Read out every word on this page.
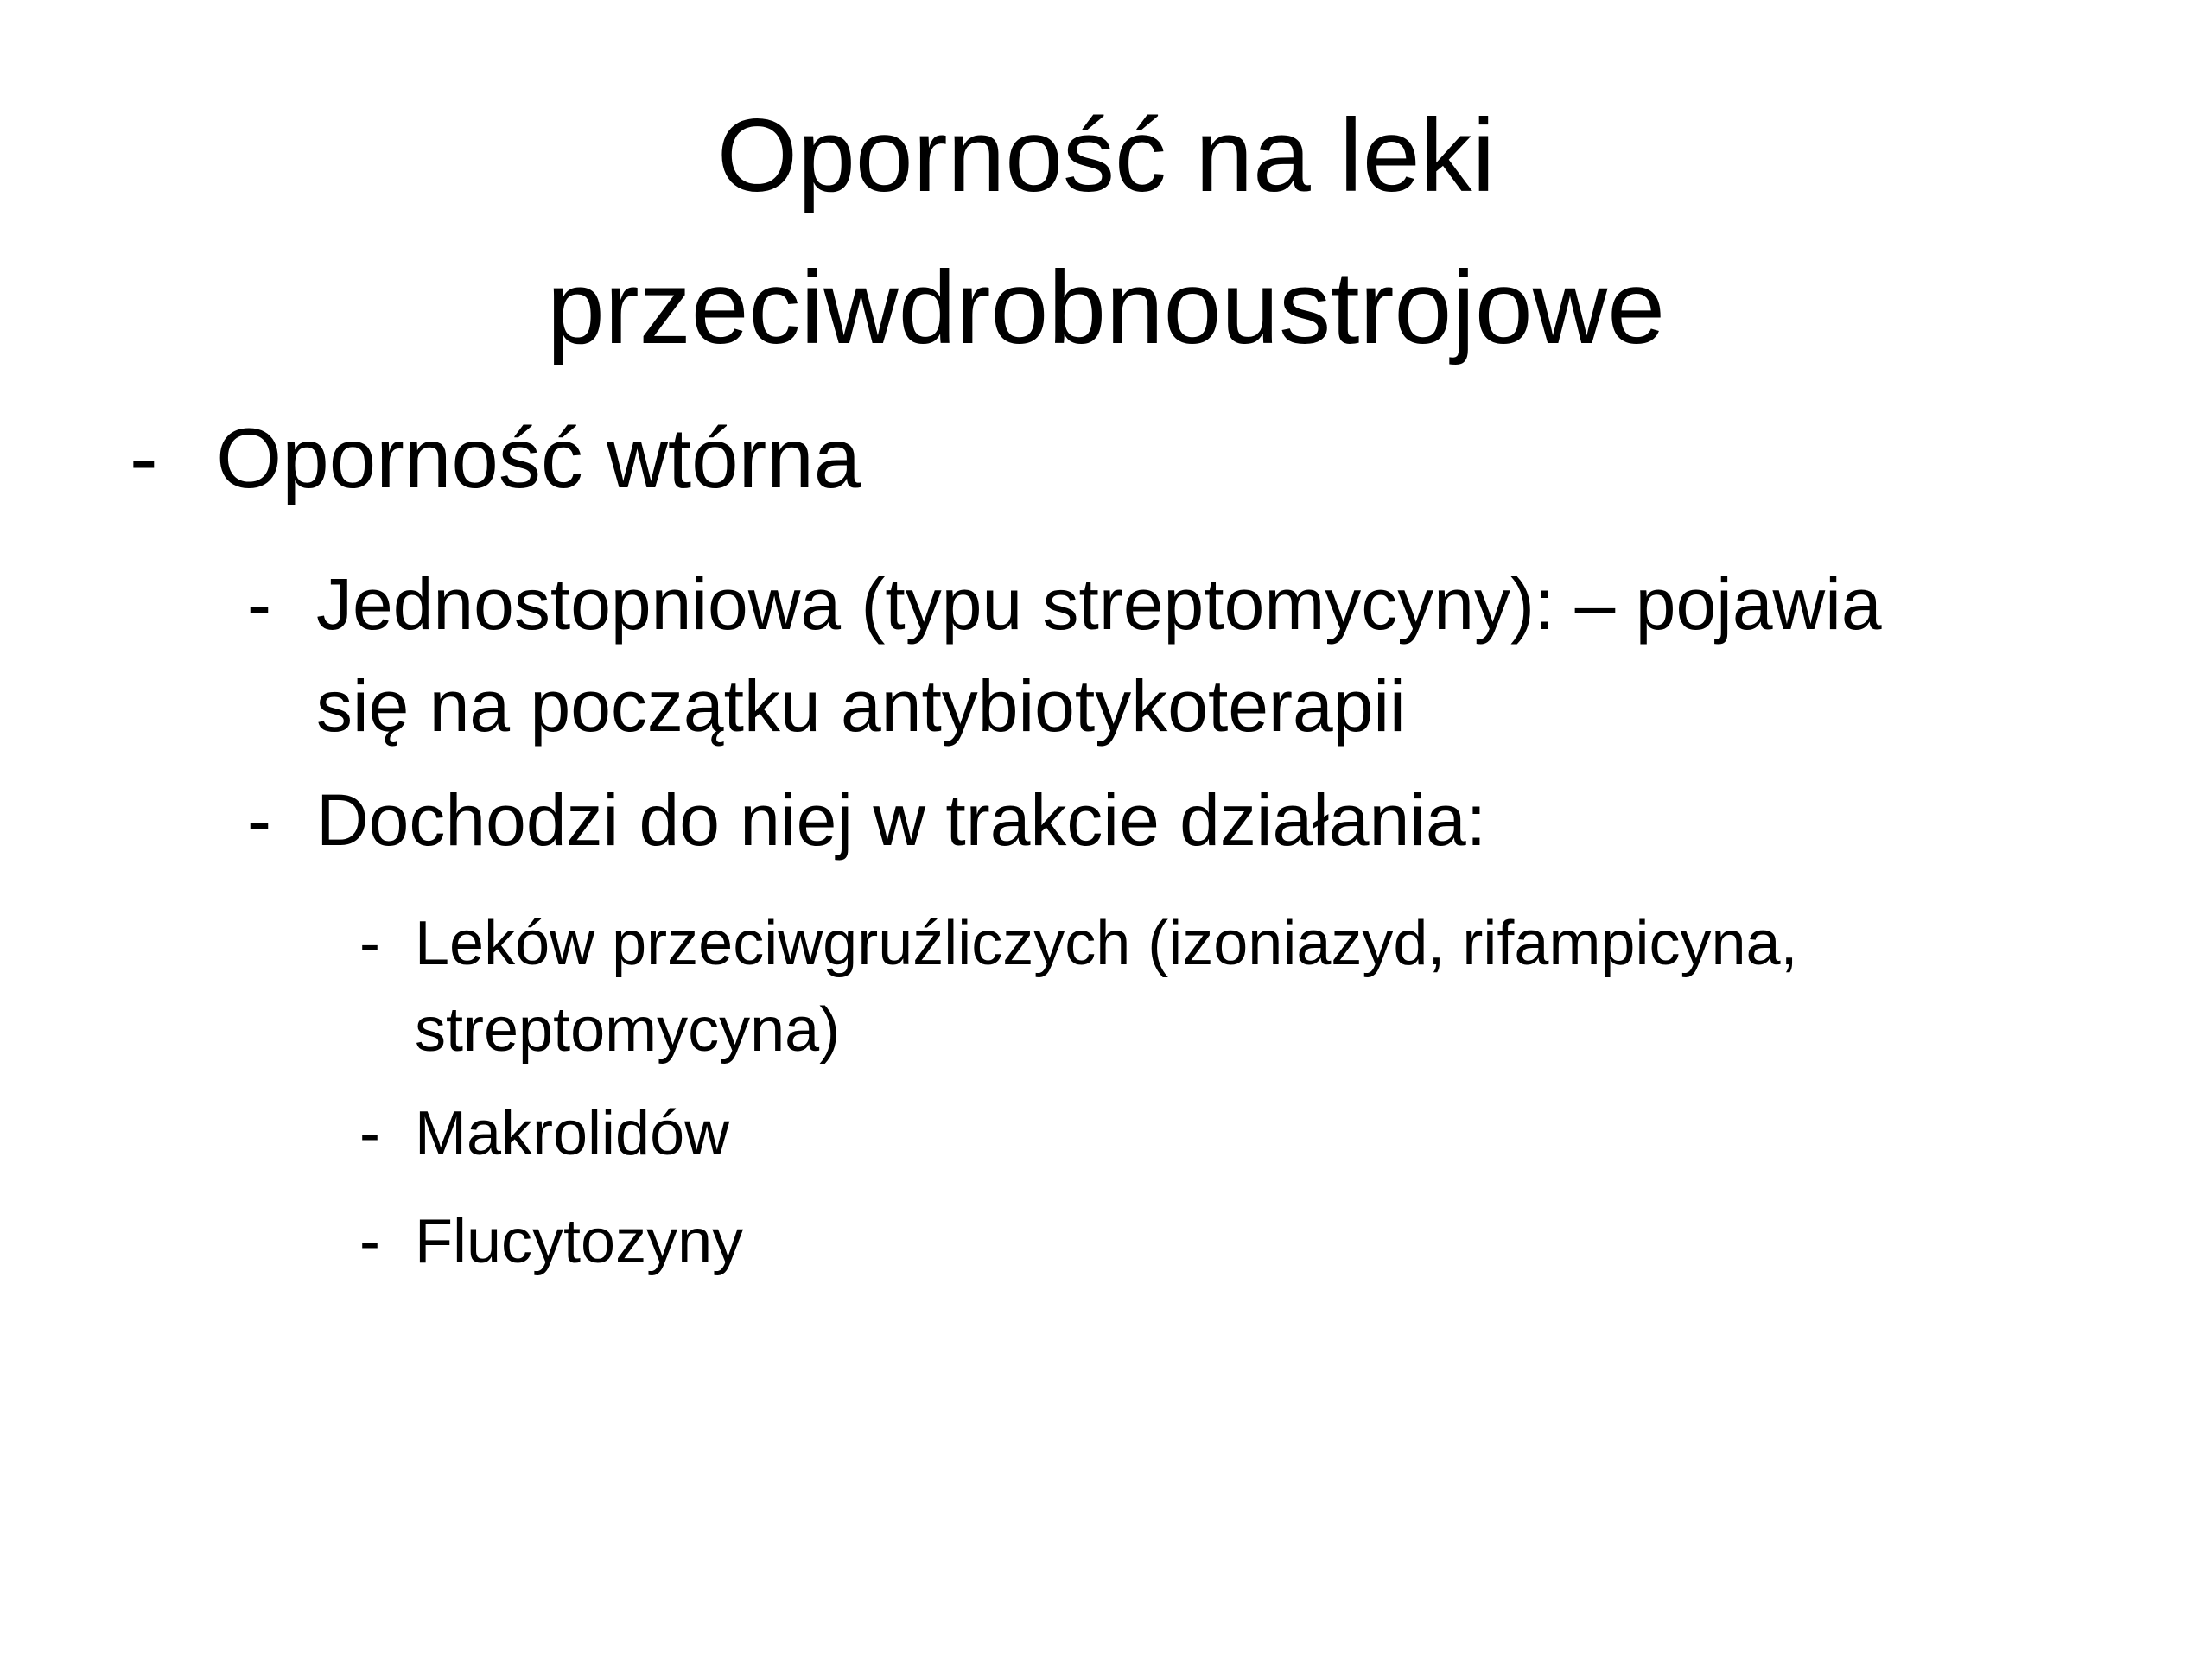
Oporność na leki
przeciwdrobnoustrojowe
- Oporność wtórna
- Jednostopniowa (typu streptomycyny): – pojawia
się na początku antybiotykoterapii
- Dochodzi do niej w trakcie działania:
- Leków przeciwgruźliczych (izoniazyd, rifampicyna,
streptomycyna)
- Makrolidów
- Flucytozyny
